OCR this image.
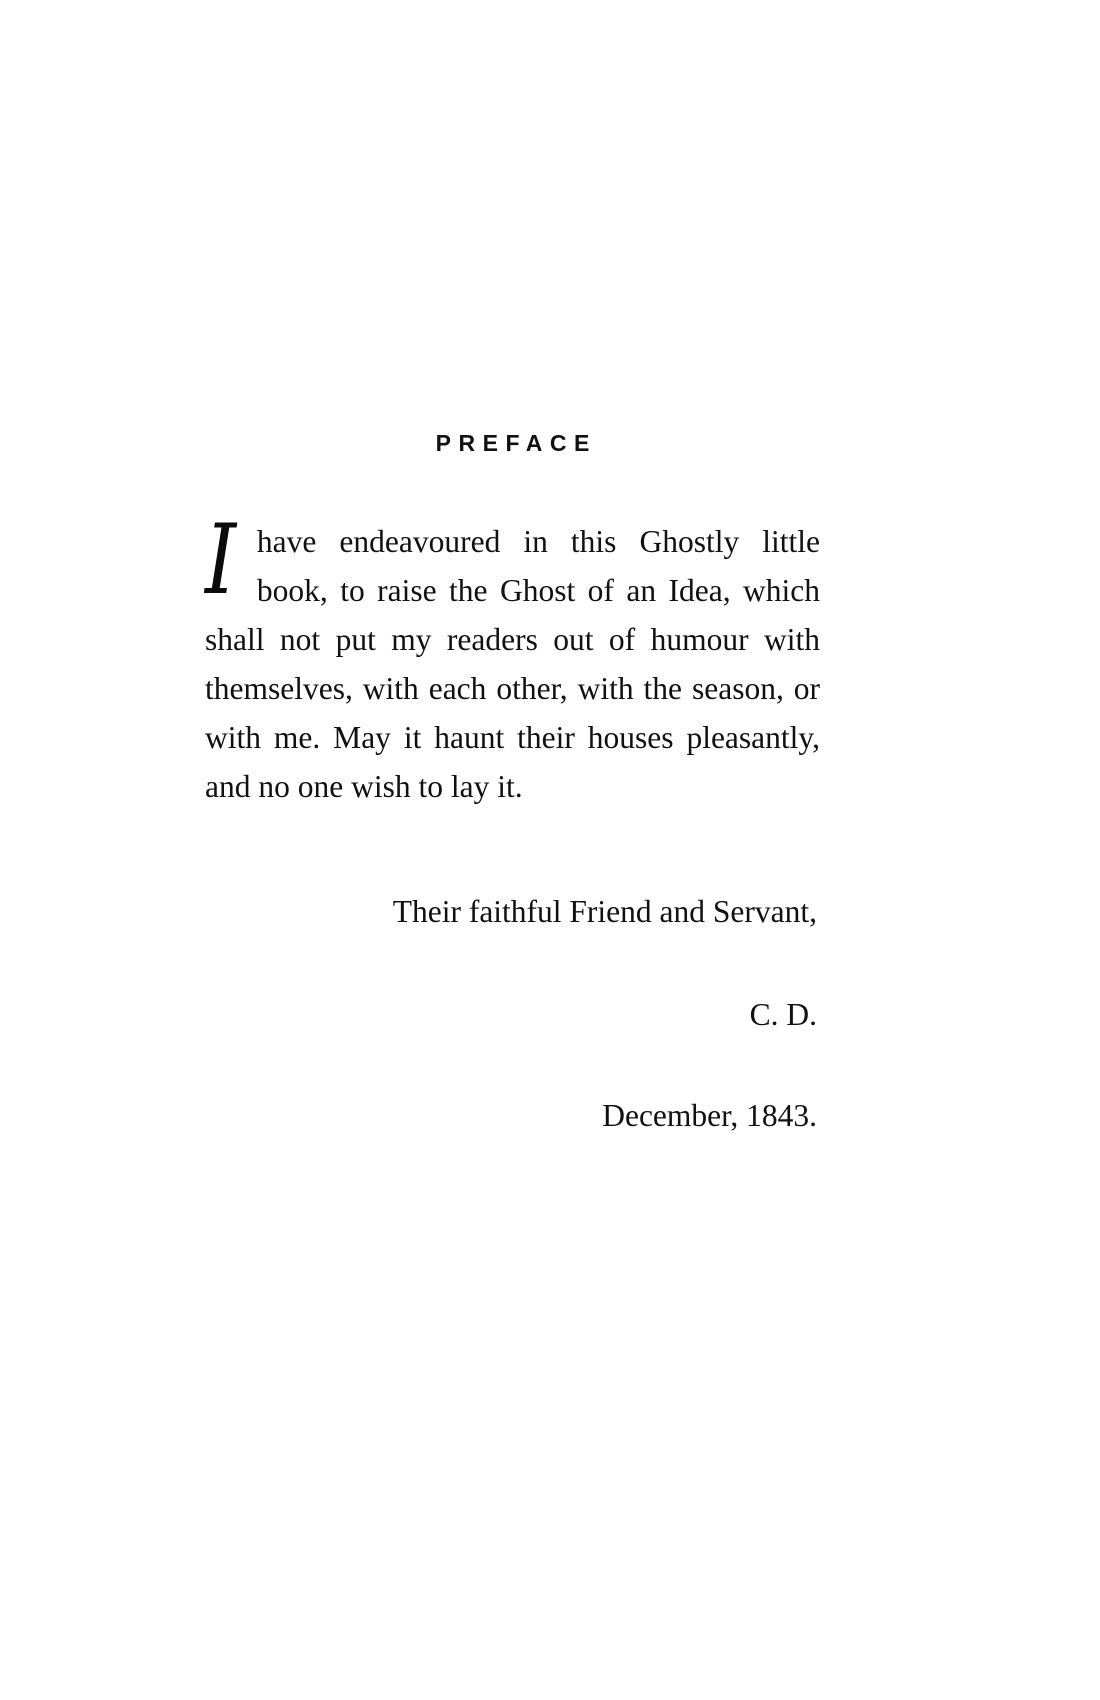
PREFACE

Ihave endeavoured in this Ghostly little book, to raise the Ghost of an Idea, which shall not put my readers out of humour with themselves, with each other, with the season, or with me. May it haunt their houses pleasantly, and no one wish to lay it.

Their faithful Friend and Servant,

C. D.

December, 1843.
